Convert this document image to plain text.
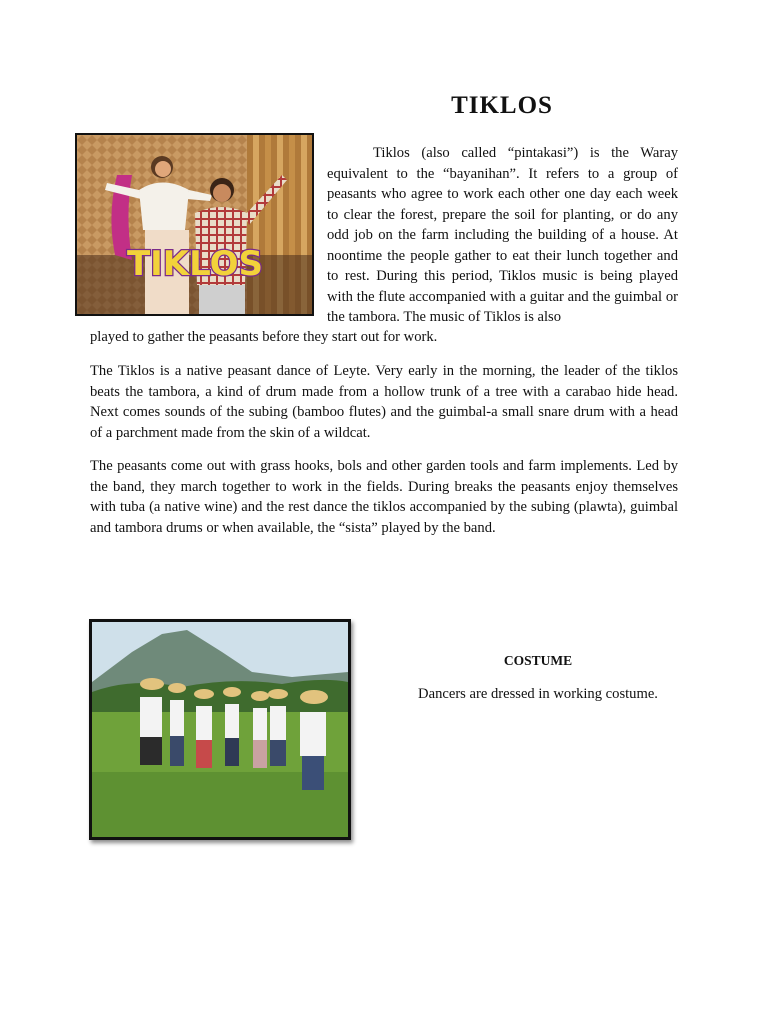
TIKLOS
TIKLOS

Tiklos (also called “pintakasi”) is the Waray equivalent to the “bayanihan”. It refers to a group of peasants who agree to work each other one day each week to clear the forest, prepare the soil for planting, or do any odd job on the farm including the building of a house. At noontime the people gather to eat their lunch together and to rest. During this period, Tiklos music is being played with the flute accompanied with a guitar and the guimbal or the tambora. The music of Tiklos is also

played to gather the peasants before they start out for work.

The Tiklos is a native peasant dance of Leyte. Very early in the morning, the leader of the tiklos beats the tambora, a kind of drum made from a hollow trunk of a tree with a carabao hide head. Next comes sounds of the subing (bamboo flutes) and the guimbal-a small snare drum with a head of a parchment made from the skin of a wildcat.

The peasants come out with grass hooks, bols and other garden tools and farm implements. Led by the band, they march together to work in the fields. During breaks the peasants enjoy themselves with tuba (a native wine) and the rest dance the tiklos accompanied by the subing (plawta), guimbal and tambora drums or when available, the “sista” played by the band.

COSTUME
Dancers are dressed in working costume.
